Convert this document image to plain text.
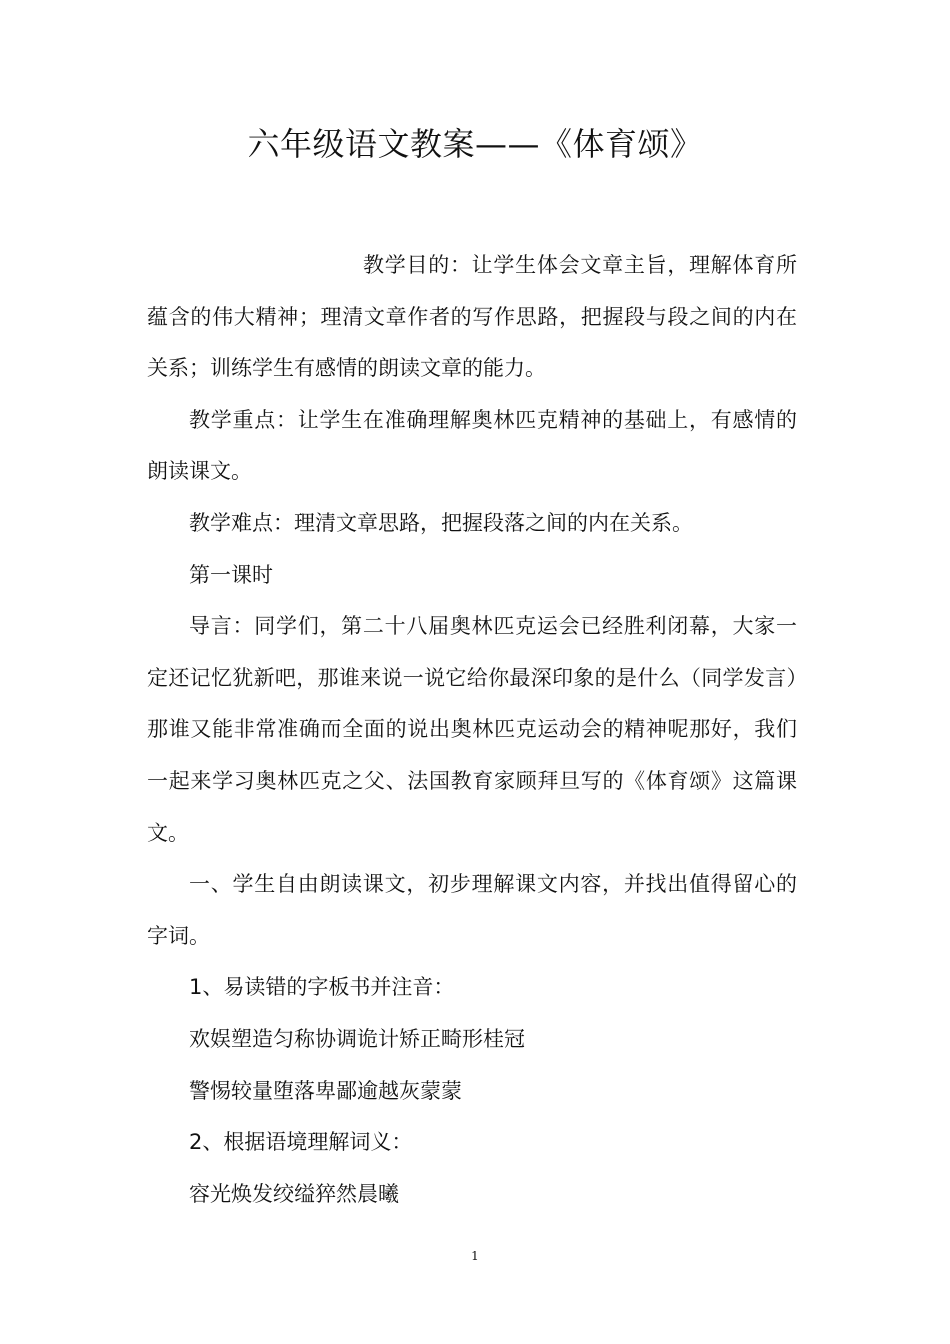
六年级语文教案——《体育颂》

教学目的：让学生体会文章主旨，理解体育所蕴含的伟大精神；理清文章作者的写作思路，把握段与段之间的内在关系；训练学生有感情的朗读文章的能力。

教学重点：让学生在准确理解奥林匹克精神的基础上，有感情的朗读课文。

教学难点：理清文章思路，把握段落之间的内在关系。

第一课时

导言：同学们，第二十八届奥林匹克运会已经胜利闭幕，大家一定还记忆犹新吧，那谁来说一说它给你最深印象的是什么（同学发言）那谁又能非常准确而全面的说出奥林匹克运动会的精神呢那好，我们一起来学习奥林匹克之父、法国教育家顾拜旦写的《体育颂》这篇课文。

一、学生自由朗读课文，初步理解课文内容，并找出值得留心的字词。

1、易读错的字板书并注音：

欢娱塑造匀称协调诡计矫正畸形桂冠

警惕较量堕落卑鄙逾越灰蒙蒙

2、根据语境理解词义：

容光焕发绞缢猝然晨曦

1
